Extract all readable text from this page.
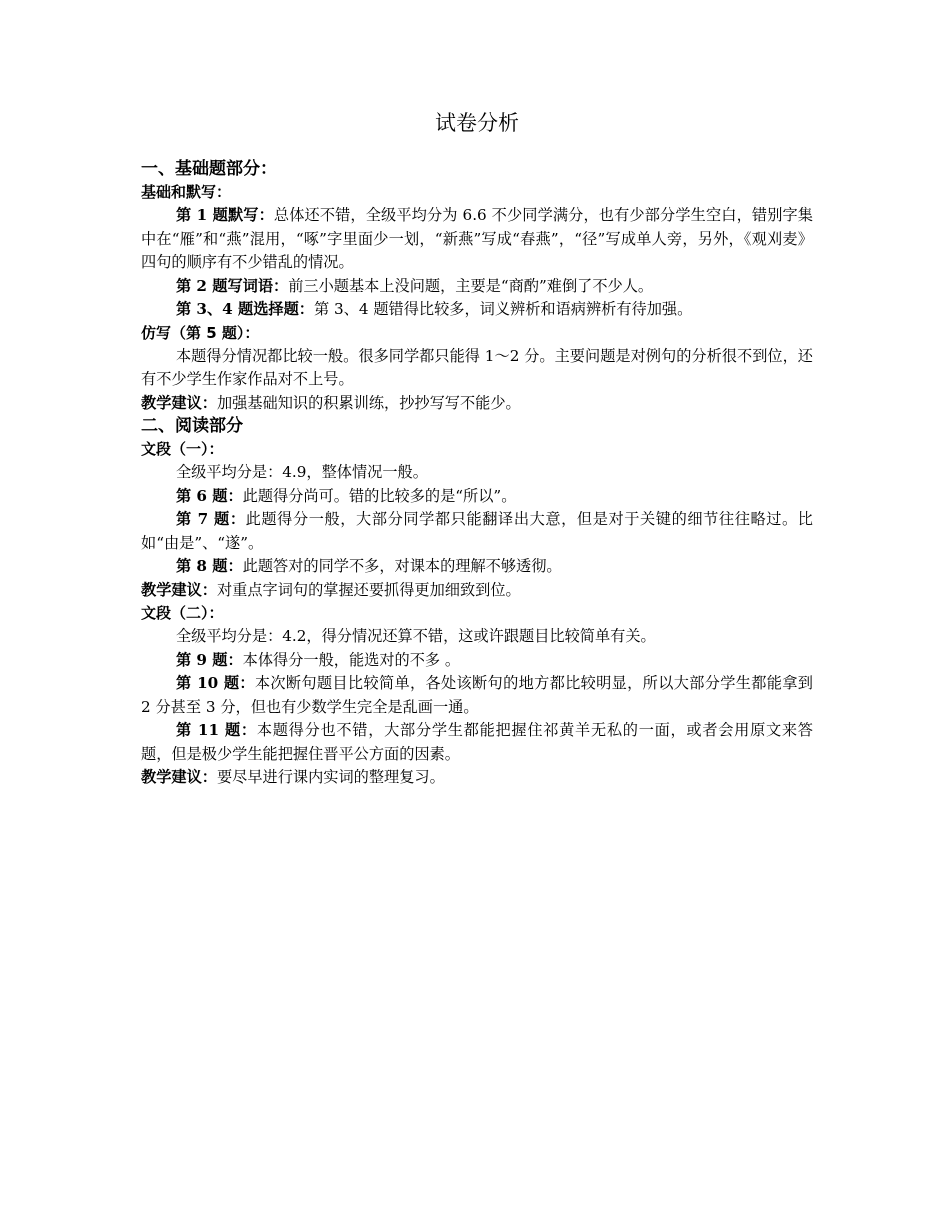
试卷分析
一、基础题部分：
基础和默写：

第 1 题默写：总体还不错，全级平均分为 6.6 不少同学满分，也有少部分学生空白，错别字集中在“雁”和“燕”混用，“啄”字里面少一划，“新燕”写成“春燕”，“径”写成单人旁，另外，《观刈麦》四句的顺序有不少错乱的情况。

第 2 题写词语：前三小题基本上没问题，主要是“商酌”难倒了不少人。

第 3、4 题选择题：第 3、4 题错得比较多，词义辨析和语病辨析有待加强。

仿写（第 5 题）：

本题得分情况都比较一般。很多同学都只能得 1～2 分。主要问题是对例句的分析很不到位，还有不少学生作家作品对不上号。

教学建议：加强基础知识的积累训练，抄抄写写不能少。

二、阅读部分
文段（一）：

全级平均分是：4.9，整体情况一般。

第 6 题：此题得分尚可。错的比较多的是“所以”。

第 7 题：此题得分一般，大部分同学都只能翻译出大意，但是对于关键的细节往往略过。比如“由是”、“遂”。

第 8 题：此题答对的同学不多，对课本的理解不够透彻。

教学建议：对重点字词句的掌握还要抓得更加细致到位。

文段（二）：

全级平均分是：4.2，得分情况还算不错，这或许跟题目比较简单有关。

第 9 题：本体得分一般，能选对的不多 。

第 10 题：本次断句题目比较简单，各处该断句的地方都比较明显，所以大部分学生都能拿到 2 分甚至 3 分，但也有少数学生完全是乱画一通。

第 11 题：本题得分也不错，大部分学生都能把握住祁黄羊无私的一面，或者会用原文来答题，但是极少学生能把握住晋平公方面的因素。

教学建议：要尽早进行课内实词的整理复习。
